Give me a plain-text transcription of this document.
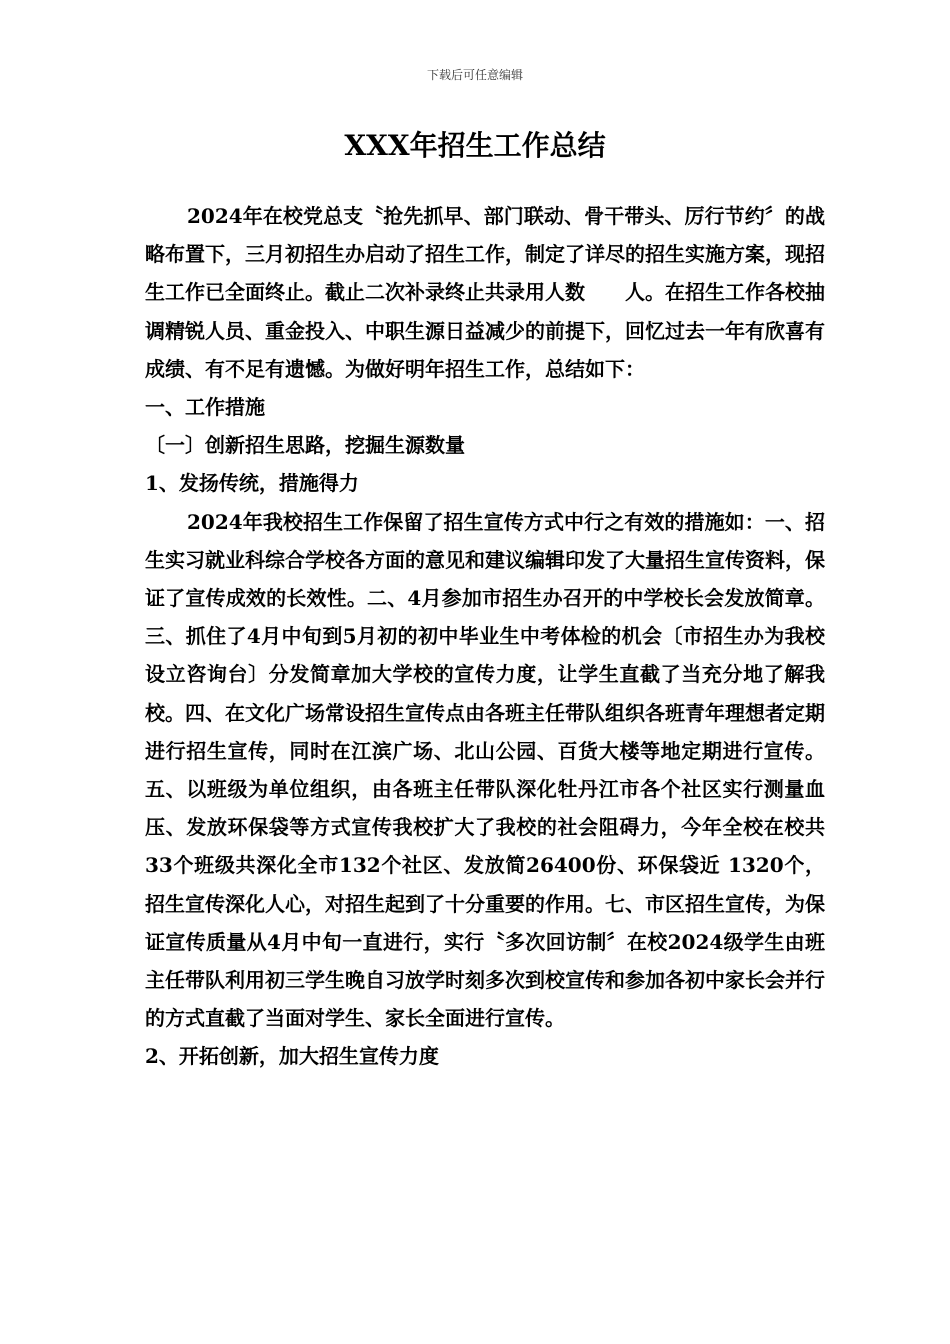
下载后可任意编辑
XXX年招生工作总结

2024年在校党总支〝抢先抓早、部门联动、骨干带头、厉行节约〞的战略布置下，三月初招生办启动了招生工作，制定了详尽的招生实施方案，现招生工作已全面终止。截止二次补录终止共录用人数　　人。在招生工作各校抽调精锐人员、重金投入、中职生源日益减少的前提下，回忆过去一年有欣喜有成绩、有不足有遗憾。为做好明年招生工作，总结如下：

一、工作措施

〔一〕创新招生思路，挖掘生源数量

1、发扬传统，措施得力

2024年我校招生工作保留了招生宣传方式中行之有效的措施如：一、招生实习就业科综合学校各方面的意见和建议编辑印发了大量招生宣传资料，保证了宣传成效的长效性。二、4月参加市招生办召开的中学校长会发放简章。三、抓住了4月中旬到5月初的初中毕业生中考体检的机会〔市招生办为我校设立咨询台〕分发简章加大学校的宣传力度，让学生直截了当充分地了解我校。四、在文化广场常设招生宣传点由各班主任带队组织各班青年理想者定期进行招生宣传，同时在江滨广场、北山公园、百货大楼等地定期进行宣传。五、以班级为单位组织，由各班主任带队深化牡丹江市各个社区实行测量血压、发放环保袋等方式宣传我校扩大了我校的社会阻碍力，今年全校在校共33个班级共深化全市132个社区、发放简26400份、环保袋近 1320个，招生宣传深化人心，对招生起到了十分重要的作用。七、市区招生宣传，为保证宣传质量从4月中旬一直进行，实行〝多次回访制〞在校2024级学生由班主任带队利用初三学生晚自习放学时刻多次到校宣传和参加各初中家长会并行的方式直截了当面对学生、家长全面进行宣传。

2、开拓创新，加大招生宣传力度
